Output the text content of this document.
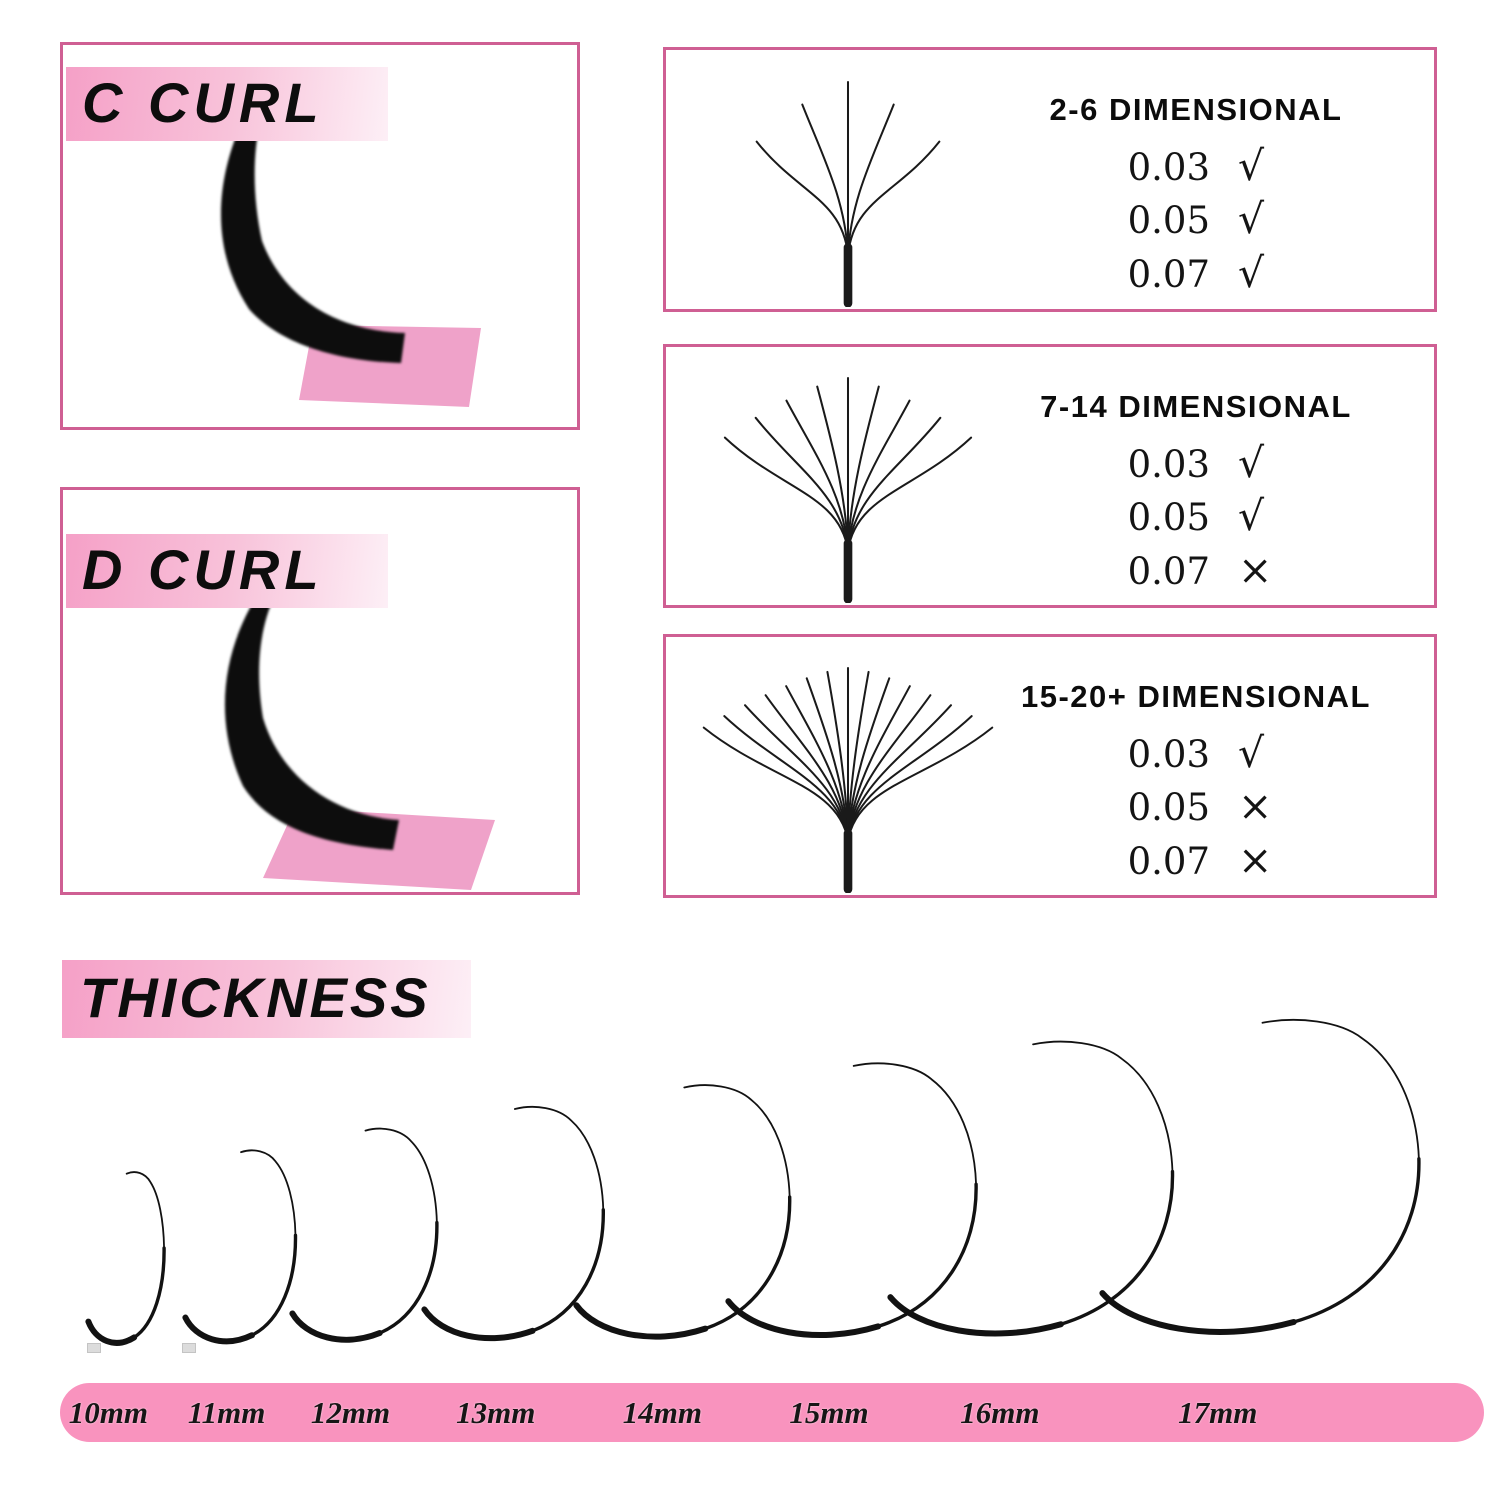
C CURL
D CURL
2-6 DIMENSIONAL
0.03 √
0.05 √
0.07 √
7-14 DIMENSIONAL
0.03 √
0.05 √
0.07 ×
15-20+ DIMENSIONAL
0.03 √
0.05 ×
0.07 ×
THICKNESS
10mm 11mm 12mm 13mm	14mm	15mm	16mm	17mm
